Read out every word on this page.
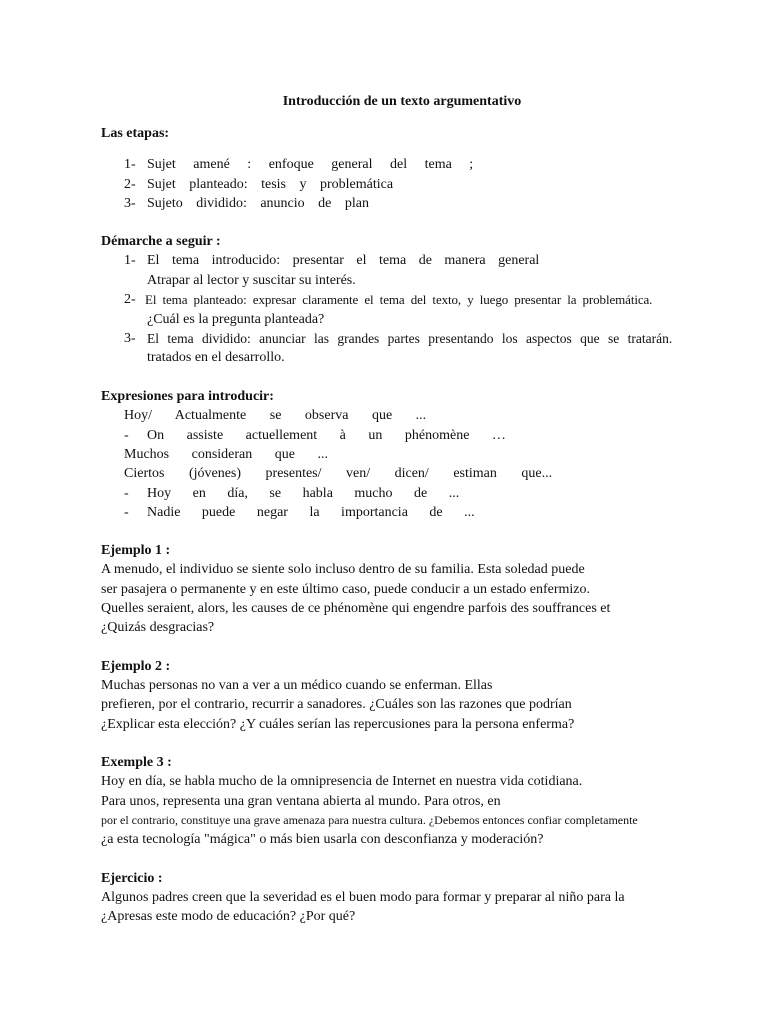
Introducción de un texto argumentativo
Las etapas:
1- Sujet amené : enfoque general del tema ;
2- Sujet planteado: tesis y problemática
3- Sujeto dividido: anuncio de plan
Démarche a seguir :
1- El tema introducido: presentar el tema de manera general
Atrapar al lector y suscitar su interés.
2- El tema planteado: expresar claramente el tema del texto, y luego presentar la problemática.
¿Cuál es la pregunta planteada?
3- El tema dividido: anunciar las grandes partes presentando los aspectos que se tratarán.
tratados en el desarrollo.
Expresiones para introducir:
Hoy/ Actualmente se observa que ...
- On assiste actuellement à un phénomène …
Muchos consideran que ...
Ciertos (jóvenes) presentes/ ven/ dicen/ estiman que...
- Hoy en día, se habla mucho de ...
- Nadie puede negar la importancia de ...
Ejemplo 1 :
A menudo, el individuo se siente solo incluso dentro de su familia. Esta soledad puede
ser pasajera o permanente y en este último caso, puede conducir a un estado enfermizo.
Quelles seraient, alors, les causes de ce phénomène qui engendre parfois des souffrances et
¿Quizás desgracias?
Ejemplo 2 :
Muchas personas no van a ver a un médico cuando se enferman. Ellas
prefieren, por el contrario, recurrir a sanadores. ¿Cuáles son las razones que podrían
¿Explicar esta elección? ¿Y cuáles serían las repercusiones para la persona enferma?
Exemple 3 :
Hoy en día, se habla mucho de la omnipresencia de Internet en nuestra vida cotidiana.
Para unos, representa una gran ventana abierta al mundo. Para otros, en
por el contrario, constituye una grave amenaza para nuestra cultura. ¿Debemos entonces confiar completamente
¿a esta tecnología "mágica" o más bien usarla con desconfianza y moderación?
Ejercicio :
Algunos padres creen que la severidad es el buen modo para formar y preparar al niño para la
¿Apresas este modo de educación? ¿Por qué?
